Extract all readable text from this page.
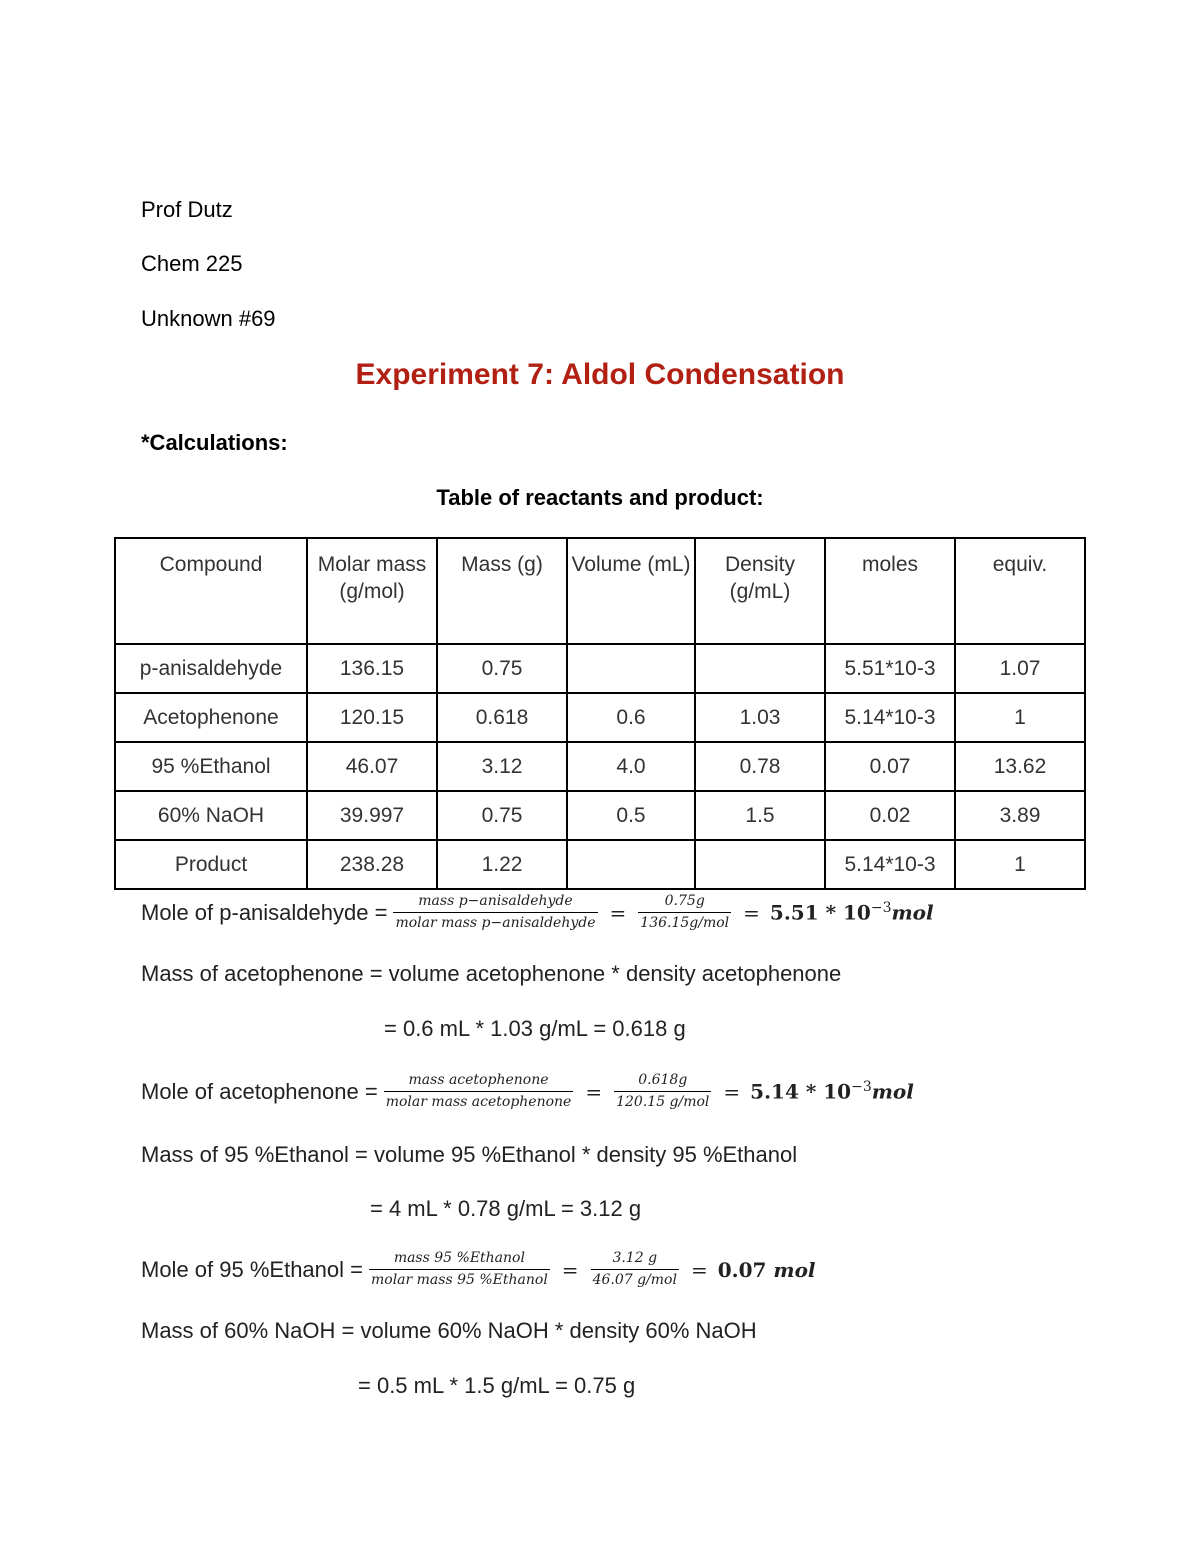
Prof Dutz
Chem 225
Unknown #69
Experiment 7: Aldol Condensation
*Calculations:
Table of reactants and product:
Compound	Molar mass (g/mol)	Mass (g)	Volume (mL)	Density (g/mL)	moles	equiv.
p-anisaldehyde	136.15	0.75			5.51*10-3	1.07
Acetophenone	120.15	0.618	0.6	1.03	5.14*10-3	1
95 %Ethanol	46.07	3.12	4.0	0.78	0.07	13.62
60% NaOH	39.997	0.75	0.5	1.5	0.02	3.89
Product	238.28	1.22			5.14*10-3	1
Mole of p-anisaldehyde = $\frac{\text{mass p−anisaldehyde}}{\text{molar mass p−anisaldehyde}} = \frac{0.75g}{\text{136.15g/mol}} = 5.51 * 10^{-3}mol$
Mass of acetophenone = volume acetophenone * density acetophenone
= 0.6 mL * 1.03 g/mL = 0.618 g
Mole of acetophenone = $\frac{\text{mass acetophenone}}{\text{molar mass acetophenone}} = \frac{0.618g}{\text{120.15 g/mol}} = 5.14 * 10^{-3}mol$
Mass of 95 %Ethanol = volume 95 %Ethanol * density 95 %Ethanol
= 4 mL * 0.78 g/mL = 3.12 g
Mole of 95 %Ethanol = $\frac{\text{mass 95 \%Ethanol}}{\text{molar mass 95 \%Ethanol}} = \frac{3.12 g}{\text{46.07 g/mol}} = 0.07$ mol
Mass of 60% NaOH = volume 60% NaOH * density 60% NaOH
= 0.5 mL * 1.5 g/mL = 0.75 g
